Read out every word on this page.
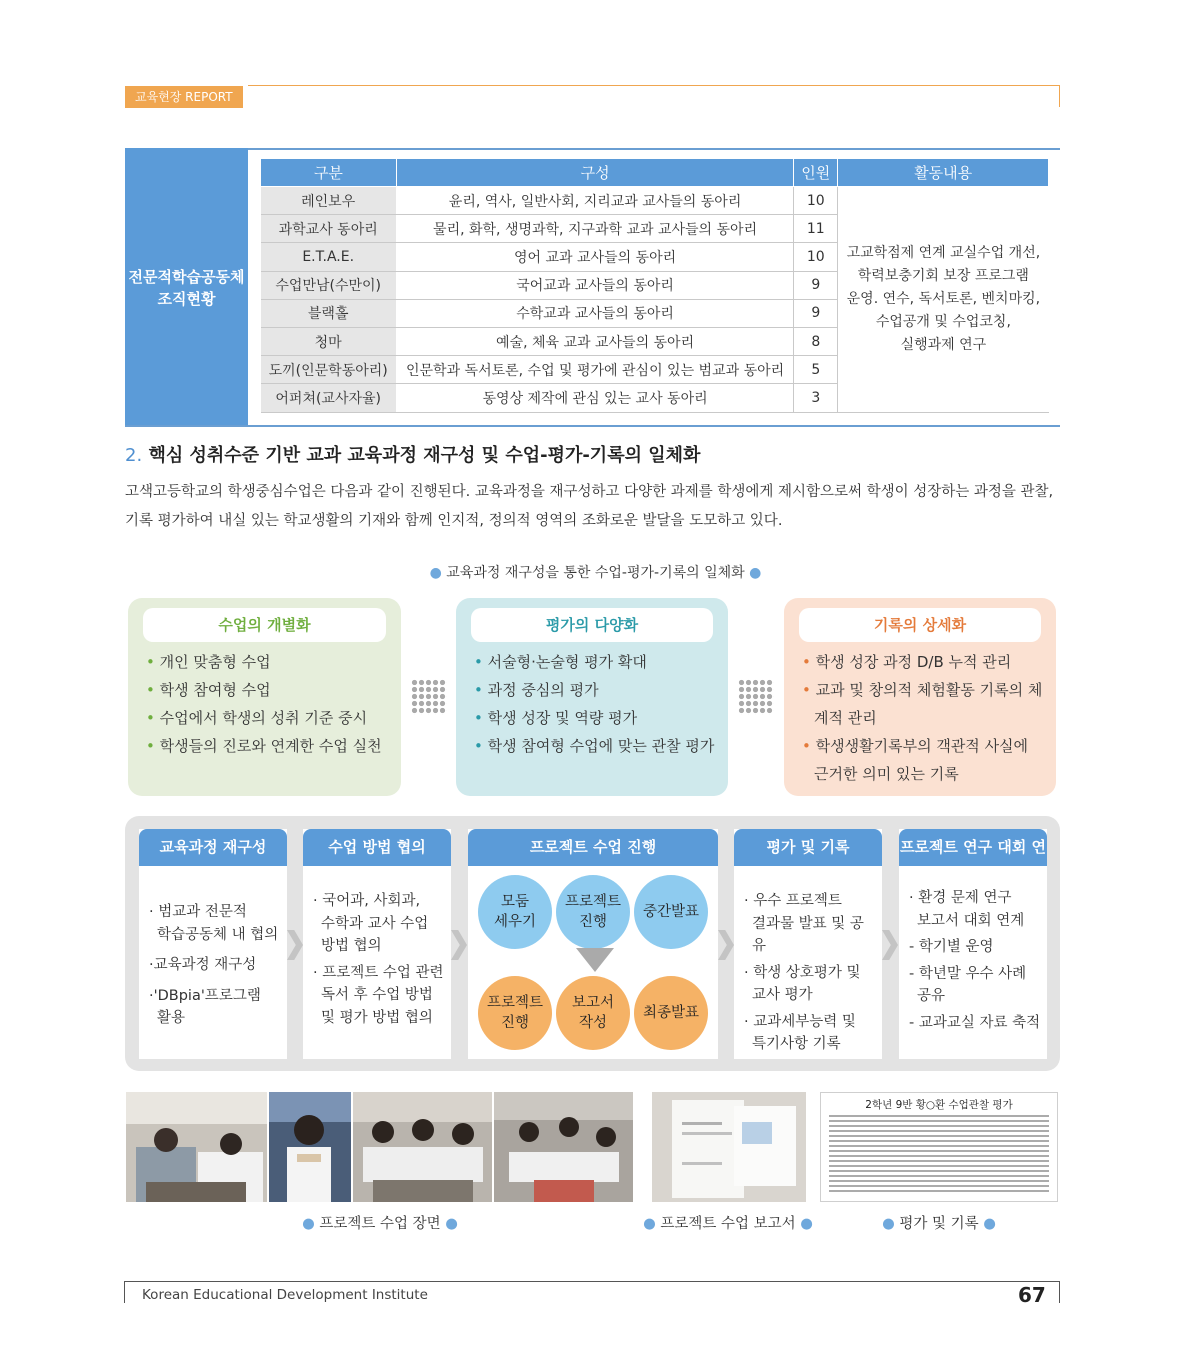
교육현장 REPORT
전문적학습공동체
조직현황
구분	구성	인원	활동내용
레인보우	윤리, 역사, 일반사회, 지리교과 교사들의 동아리	10	고교학점제 연계 교실수업 개선,
학력보충기회 보장 프로그램
운영. 연수, 독서토론, 벤치마킹,
수업공개 및 수업코칭,
실행과제 연구
과학교사 동아리	물리, 화학, 생명과학, 지구과학 교과 교사들의 동아리	11	
E.T.A.E.	영어 교과 교사들의 동아리	10	
수업만남(수만이)	국어교과 교사들의 동아리	9	
블랙홀	수학교과 교사들의 동아리	9	
청마	예술, 체육 교과 교사들의 동아리	8	
도끼(인문학동아리)	인문학과 독서토론, 수업 및 평가에 관심이 있는 범교과 동아리	5	
어퍼쳐(교사자율)	동영상 제작에 관심 있는 교사 동아리	3	
2. 핵심 성취수준 기반 교과 교육과정 재구성 및 수업-평가-기록의 일체화
고색고등학교의 학생중심수업은 다음과 같이 진행된다. 교육과정을 재구성하고 다양한 과제를 학생에게 제시함으로써 학생이 성장하는 과정을 관찰, 기록 평가하여 내실 있는 학교생활의 기재와 함께 인지적, 정의적 영역의 조화로운 발달을 도모하고 있다.
● 교육과정 재구성을 통한 수업-평가-기록의 일체화 ●
수업의 개별화
• 개인 맞춤형 수업
• 학생 참여형 수업
• 수업에서 학생의 성취 기준 중시
• 학생들의 진로와 연계한 수업 실천
평가의 다양화
• 서술형·논술형 평가 확대
• 과정 중심의 평가
• 학생 성장 및 역량 평가
• 학생 참여형 수업에 맞는 관찰 평가
기록의 상세화
• 학생 성장 과정 D/B 누적 관리
• 교과 및 창의적 체험활동 기록의 체계적 관리
• 학생생활기록부의 객관적 사실에 근거한 의미 있는 기록
교육과정 재구성
· 범교과 전문적
학습공동체 내 협의
·교육과정 재구성
·'DBpia'프로그램
활용
수업 방법 협의
· 국어과, 사회과,
수학과 교사 수업
방법 협의
· 프로젝트 수업 관련
독서 후 수업 방법
및 평가 방법 협의
프로젝트 수업 진행
모둠
세우기
프로젝트
진행
중간발표
프로젝트
진행
보고서
작성
최종발표
평가 및 기록
· 우수 프로젝트
결과물 발표 및 공유
· 학생 상호평가 및
교사 평가
· 교과세부능력 및
특기사항 기록
프로젝트 연구 대회 연계
· 환경 문제 연구
보고서 대회 연계
- 학기별 운영
- 학년말 우수 사례
공유
- 교과교실 자료 축적
2학년 9반 황○환 수업관찰 평가
● 프로젝트 수업 장면 ●	● 프로젝트 수업 보고서 ●	● 평가 및 기록 ●
Korean Educational Development Institute	67
